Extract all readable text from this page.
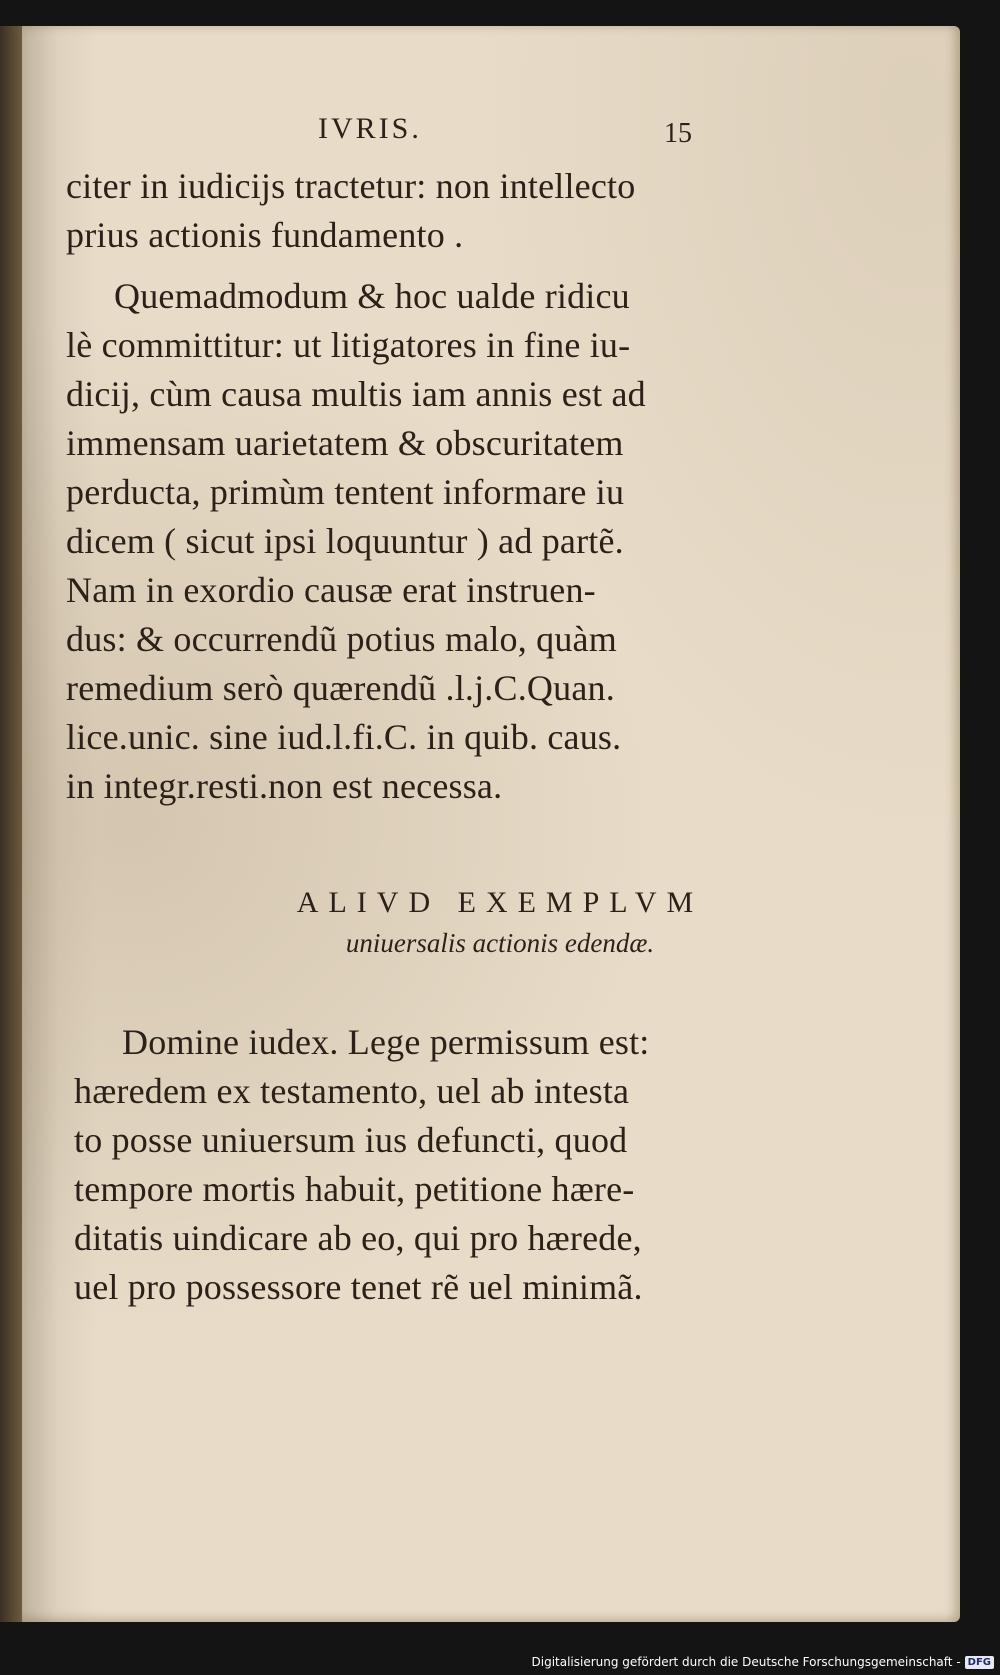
IVRIS.	15
citer in iudicijs tractetur: non intellecto
prius actionis fundamento .
Quemadmodum & hoc ualde ridicu
lè committitur: ut litigatores in fine iu-
dicij, cùm causa multis iam annis est ad
immensam uarietatem & obscuritatem
perducta, primùm tentent informare iu
dicem ( sicut ipsi loquuntur ) ad partẽ.
Nam in exordio causæ erat instruen-
dus: & occurrendũ potius malo, quàm
remedium serò quærendũ .l.j.C.Quan.
lice.unic. sine iud.l.fi.C. in quib. caus.
in integr.resti.non est necessa.
ALIVD EXEMPLVM
uniuersalis actionis edendæ.
Domine iudex. Lege permissum est:
hæredem ex testamento, uel ab intesta
to posse uniuersum ius defuncti, quod
tempore mortis habuit, petitione hære-
ditatis uindicare ab eo, qui pro hærede,
uel pro possessore tenet rẽ uel minimã.
Digitalisierung gefördert durch die Deutsche Forschungsgemeinschaft - DFG
